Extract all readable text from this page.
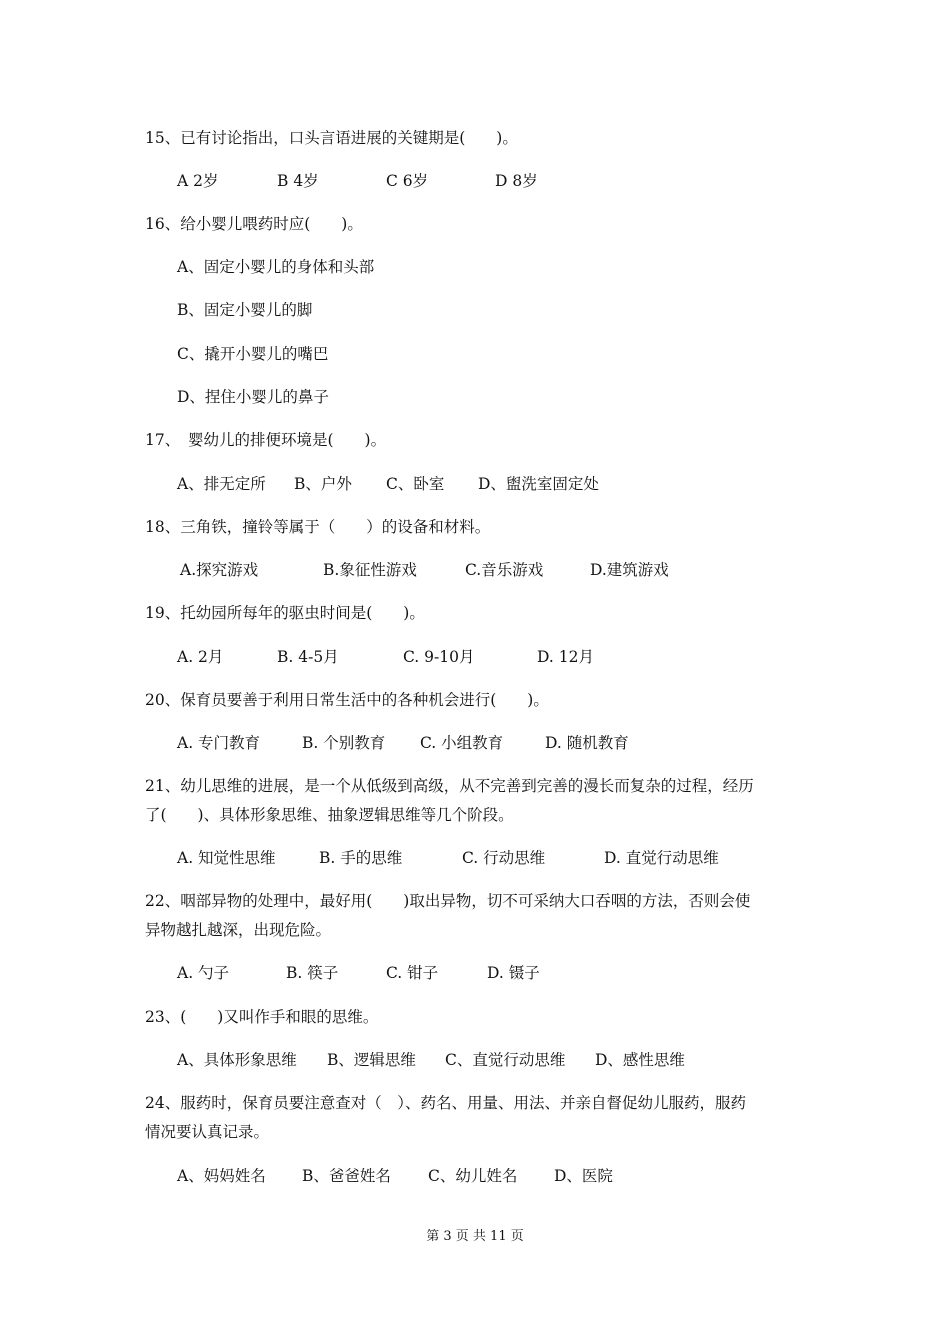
15、已有讨论指出，口头言语进展的关键期是(　　)。
A 2岁	B 4岁	C 6岁	D 8岁
16、给小婴儿喂药时应(　　)。
A、固定小婴儿的身体和头部
B、固定小婴儿的脚
C、撬开小婴儿的嘴巴
D、捏住小婴儿的鼻子
17、　婴幼儿的排便环境是(　　)。
A、排无定所 B、户外 C、卧室 D、盥洗室固定处
18、三角铁，撞铃等属于（　　）的设备和材料。
A.探究游戏	B.象征性游戏	C.音乐游戏	D.建筑游戏
19、托幼园所每年的驱虫时间是(　　)。
A. 2月	B. 4-5月	C. 9-10月	D. 12月
20、保育员要善于利用日常生活中的各种机会进行(　　)。
A. 专门教育	B. 个别教育 C. 小组教育	D. 随机教育
21、幼儿思维的进展，是一个从低级到高级，从不完善到完善的漫长而复杂的过程，经历
了(　　)、具体形象思维、抽象逻辑思维等几个阶段。
A. 知觉性思维	B. 手的思维	C. 行动思维	D. 直觉行动思维
22、咽部异物的处理中，最好用(　　)取出异物，切不可采纳大口吞咽的方法，否则会使
异物越扎越深，出现危险。
A. 勺子	B. 筷子	C. 钳子	D. 镊子
23、(　　)又叫作手和眼的思维。
A、具体形象思维 B、逻辑思维 C、直觉行动思维 D、感性思维
24、服药时，保育员要注意查对（　）、药名、用量、用法、并亲自督促幼儿服药，服药
情况要认真记录。
A、妈妈姓名 B、爸爸姓名 C、幼儿姓名 D、医院
第 3 页 共 11 页
